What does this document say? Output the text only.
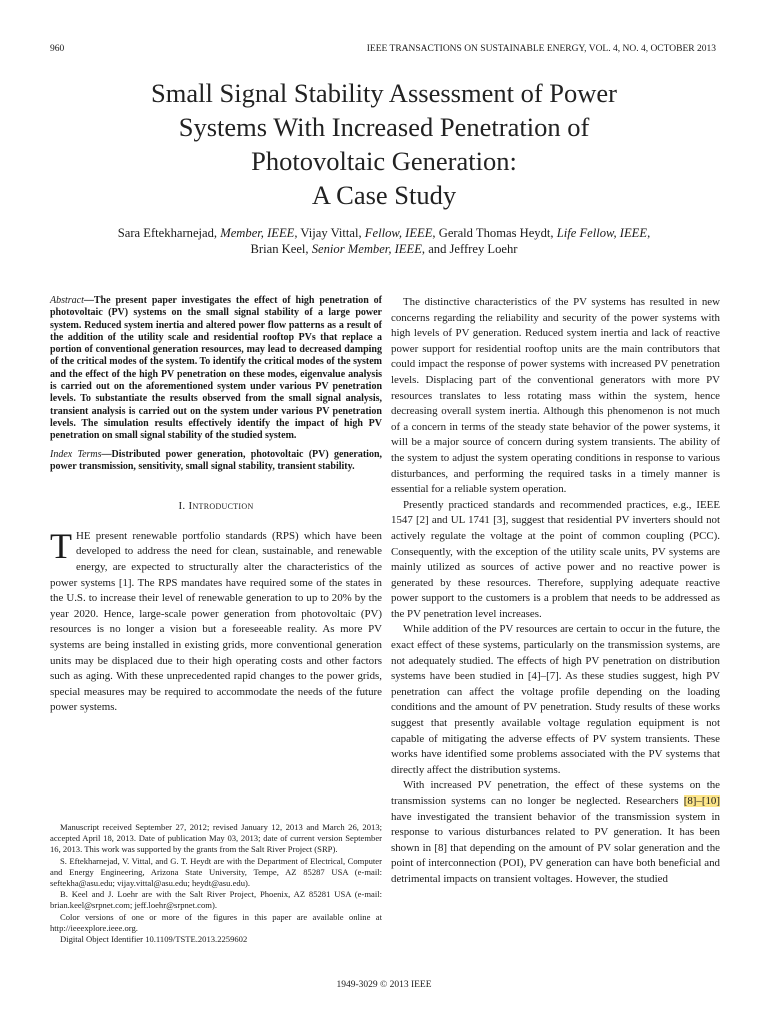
960	IEEE TRANSACTIONS ON SUSTAINABLE ENERGY, VOL. 4, NO. 4, OCTOBER 2013
Small Signal Stability Assessment of Power
Systems With Increased Penetration of
Photovoltaic Generation:
A Case Study
Sara Eftekharnejad, Member, IEEE, Vijay Vittal, Fellow, IEEE, Gerald Thomas Heydt, Life Fellow, IEEE,
Brian Keel, Senior Member, IEEE, and Jeffrey Loehr
Abstract—The present paper investigates the effect of high penetration of photovoltaic (PV) systems on the small signal stability of a large power system. Reduced system inertia and altered power flow patterns as a result of the addition of the utility scale and residential rooftop PVs that replace a portion of conventional generation resources, may lead to decreased damping of the critical modes of the system. To identify the critical modes of the system and the effect of the high PV penetration on these modes, eigenvalue analysis is carried out on the aforementioned system under various PV penetration levels. To substantiate the results observed from the small signal analysis, transient analysis is carried out on the system under various PV penetration levels. The simulation results effectively identify the impact of high PV penetration on small signal stability of the studied system.
Index Terms—Distributed power generation, photovoltaic (PV) generation, power transmission, sensitivity, small signal stability, transient stability.
I. Introduction

THE present renewable portfolio standards (RPS) which have been developed to address the need for clean, sustainable, and renewable energy, are expected to structurally alter the characteristics of the power systems [1]. The RPS mandates have required some of the states in the U.S. to increase their level of renewable generation to up to 20% by the year 2020. Hence, large-scale power generation from photovoltaic (PV) resources is no longer a vision but a foreseeable reality. As more PV systems are being installed in existing grids, more conventional generation units may be displaced due to their high operating costs and other factors such as aging. With these unprecedented rapid changes to the power grids, special measures may be required to accommodate the needs of the future power systems.

Manuscript received September 27, 2012; revised January 12, 2013 and March 26, 2013; accepted April 18, 2013. Date of publication May 03, 2013; date of current version September 16, 2013. This work was supported by the grants from the Salt River Project (SRP).

S. Eftekharnejad, V. Vittal, and G. T. Heydt are with the Department of Electrical, Computer and Energy Engineering, Arizona State University, Tempe, AZ 85287 USA (e-mail: seftekha@asu.edu; vijay.vittal@asu.edu; heydt@asu.edu).

B. Keel and J. Loehr are with the Salt River Project, Phoenix, AZ 85281 USA (e-mail: brian.keel@srpnet.com; jeff.loehr@srpnet.com).

Color versions of one or more of the figures in this paper are available online at http://ieeexplore.ieee.org.

Digital Object Identifier 10.1109/TSTE.2013.2259602

The distinctive characteristics of the PV systems has resulted in new concerns regarding the reliability and security of the power systems with high levels of PV generation. Reduced system inertia and lack of reactive power support for residential rooftop units are the main contributors that could impact the response of power systems with increased PV penetration levels. Displacing part of the conventional generators with more PV resources translates to less rotating mass within the system, hence decreasing overall system inertia. Although this phenomenon is not much of a concern in terms of the steady state behavior of the power systems, it will be a major source of concern during system transients. The ability of the system to adjust the system operating conditions in response to various disturbances, and performing the required tasks in a timely manner is essential for a reliable system operation.

Presently practiced standards and recommended practices, e.g., IEEE 1547 [2] and UL 1741 [3], suggest that residential PV inverters should not actively regulate the voltage at the point of common coupling (PCC). Consequently, with the exception of the utility scale units, PV systems are mainly utilized as sources of active power and no reactive power is generated by these resources. Therefore, supplying adequate reactive power support to the customers is a problem that needs to be addressed as the PV penetration level increases.

While addition of the PV resources are certain to occur in the future, the exact effect of these systems, particularly on the transmission systems, are not adequately studied. The effects of high PV penetration on distribution systems have been studied in [4]–[7]. As these studies suggest, high PV penetration can affect the voltage profile depending on the loading conditions and the amount of PV penetration. Study results of these works suggest that presently available voltage regulation equipment is not capable of mitigating the adverse effects of PV system transients. These works have identified some problems associated with the PV systems that directly affect the distribution systems.

With increased PV penetration, the effect of these systems on the transmission systems can no longer be neglected. Researchers [8]–[10] have investigated the transient behavior of the transmission system in response to various disturbances related to PV generation. It has been shown in [8] that depending on the amount of PV solar generation and the point of interconnection (POI), PV generation can have both beneficial and detrimental impacts on transient voltages. However, the studied

1949-3029 © 2013 IEEE
